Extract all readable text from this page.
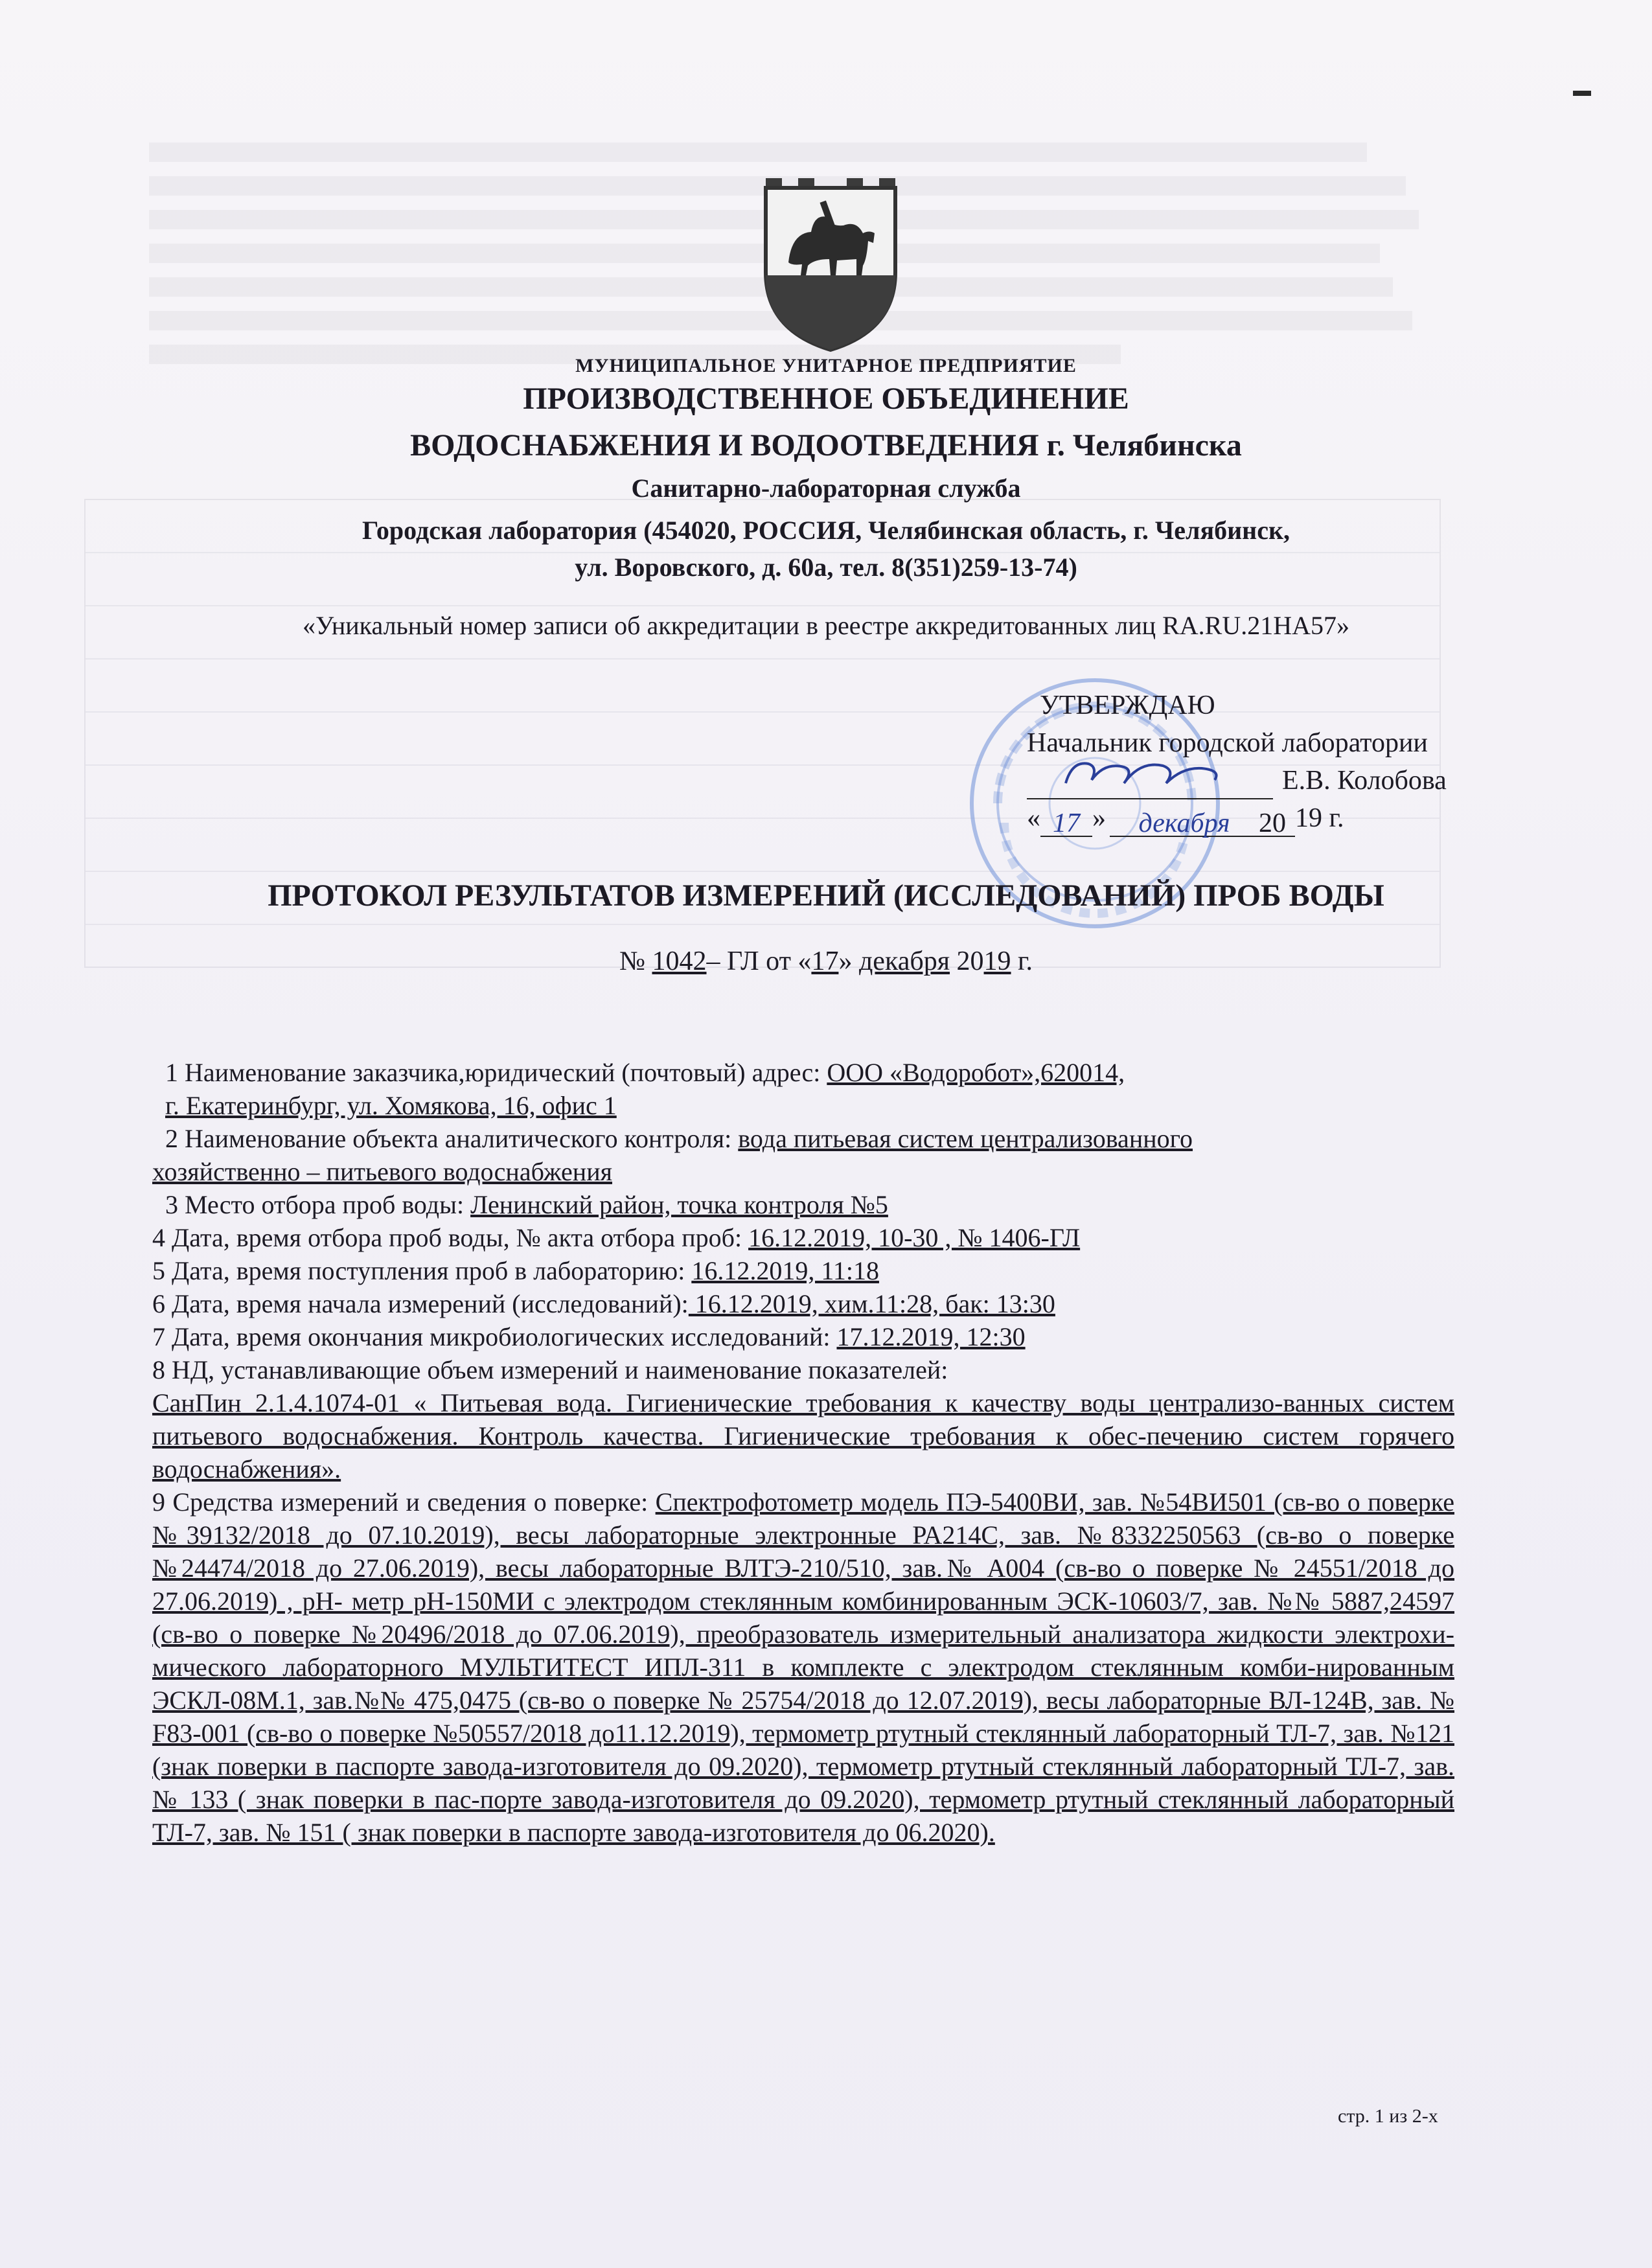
МУНИЦИПАЛЬНОЕ УНИТАРНОЕ ПРЕДПРИЯТИЕ
ПРОИЗВОДСТВЕННОЕ ОБЪЕДИНЕНИЕ
ВОДОСНАБЖЕНИЯ И ВОДООТВЕДЕНИЯ г. Челябинска
Санитарно-лабораторная служба
Городская лаборатория (454020, РОССИЯ, Челябинская область, г. Челябинск,
ул. Воровского, д. 60а, тел. 8(351)259-13-74)
«Уникальный номер записи об аккредитации в реестре аккредитованных лиц RA.RU.21HA57»
УТВЕРЖДАЮ
Начальник городской лаборатории
Е.В. Колобова
« 17 »	декабря	20 19 г.
ПРОТОКОЛ РЕЗУЛЬТАТОВ ИЗМЕРЕНИЙ (ИССЛЕДОВАНИЙ) ПРОБ ВОДЫ
№ 1042– ГЛ от «17» декабря 2019 г.

1 Наименование заказчика,юридический (почтовый) адрес: ООО «Водоробот»,620014,

г. Екатеринбург, ул. Хомякова, 16, офис 1

2 Наименование объекта аналитического контроля: вода питьевая систем централизованного

хозяйственно – питьевого водоснабжения

3 Место отбора проб воды: Ленинский район, точка контроля №5

4 Дата, время отбора проб воды, № акта отбора проб: 16.12.2019, 10-30 , № 1406-ГЛ

5 Дата, время поступления проб в лабораторию: 16.12.2019, 11:18

6 Дата, время начала измерений (исследований): 16.12.2019, хим.11:28, бак: 13:30

7 Дата, время окончания микробиологических исследований: 17.12.2019, 12:30

8 НД, устанавливающие объем измерений и наименование показателей:

СанПин 2.1.4.1074-01 « Питьевая вода. Гигиенические требования к качеству воды централизо-ванных систем питьевого водоснабжения. Контроль качества. Гигиенические требования к обес-печению систем горячего водоснабжения».

9 Средства измерений и сведения о поверке: Спектрофотометр модель ПЭ-5400ВИ, зав. №54ВИ501 (св-во о поверке №39132/2018 до 07.10.2019), весы лабораторные электронные РА214С, зав. №8332250563 (св-во о поверке №24474/2018 до 27.06.2019), весы лабораторные ВЛТЭ-210/510, зав.№ А004 (св-во о поверке № 24551/2018 до 27.06.2019) , рН- метр рН-150МИ с электродом стеклянным комбинированным ЭСК-10603/7, зав. №№ 5887,24597 (св-во о поверке №20496/2018 до 07.06.2019), преобразователь измерительный анализатора жидкости электрохи-мического лабораторного МУЛЬТИТЕСТ ИПЛ-311 в комплекте с электродом стеклянным комби-нированным ЭСКЛ-08М.1, зав.№№ 475,0475 (св-во о поверке № 25754/2018 до 12.07.2019), весы лабораторные ВЛ-124В, зав. № F83-001 (св-во о поверке №50557/2018 до11.12.2019), термометр ртутный стеклянный лабораторный ТЛ-7, зав. №121 (знак поверки в паспорте завода-изготовителя до 09.2020), термометр ртутный стеклянный лабораторный ТЛ-7, зав. № 133 ( знак поверки в пас-порте завода-изготовителя до 09.2020), термометр ртутный стеклянный лабораторный ТЛ-7, зав. № 151 ( знак поверки в паспорте завода-изготовителя до 06.2020).

стр. 1 из 2-х
